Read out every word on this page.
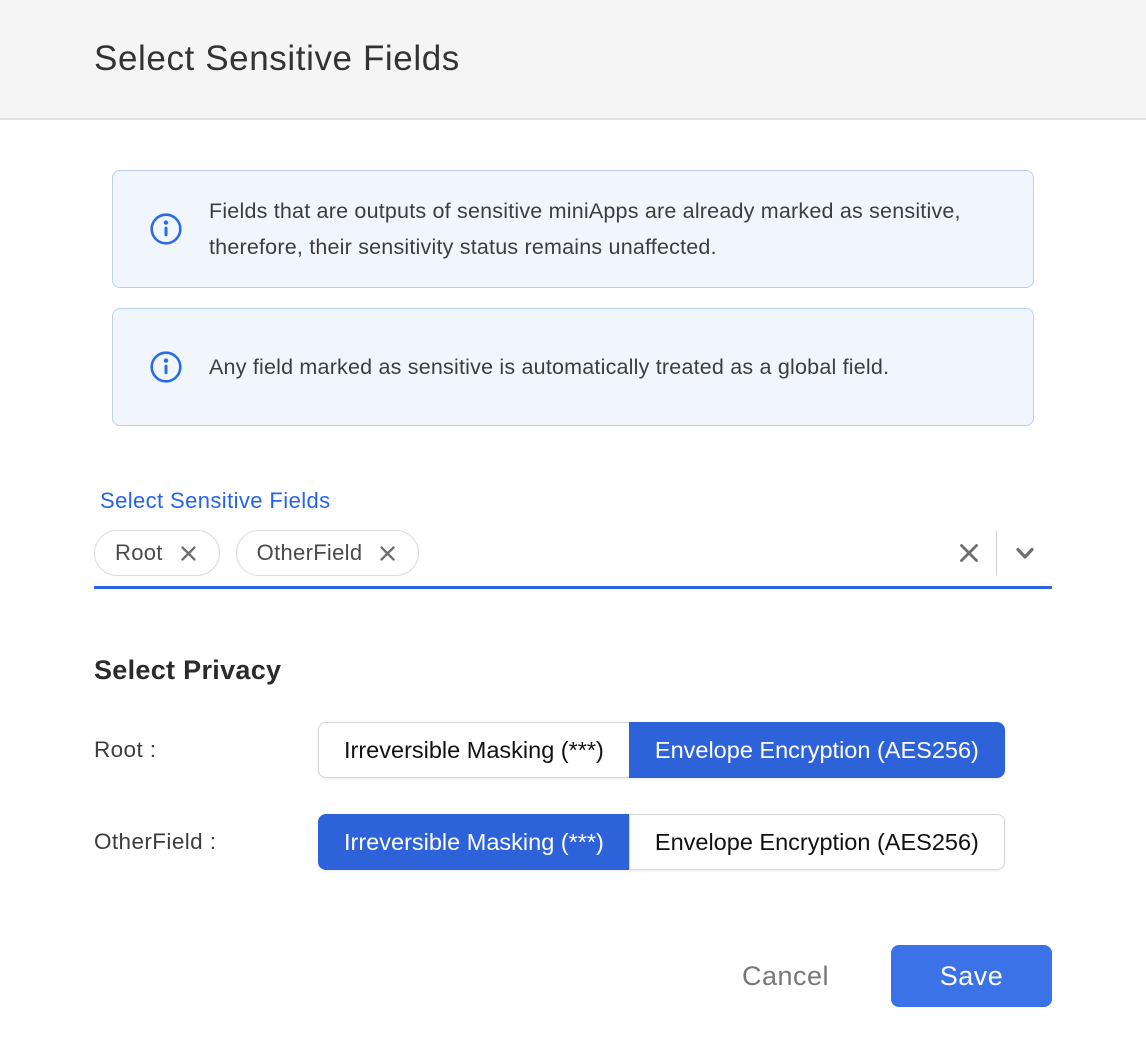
Select Sensitive Fields
Fields that are outputs of sensitive miniApps are already marked as sensitive, therefore, their sensitivity status remains unaffected.
Any field marked as sensitive is automatically treated as a global field.
Select Sensitive Fields
Root	OtherField
Select Privacy
Root :	Irreversible Masking (***)	Envelope Encryption (AES256)
OtherField :	Irreversible Masking (***)	Envelope Encryption (AES256)
Cancel	Save
